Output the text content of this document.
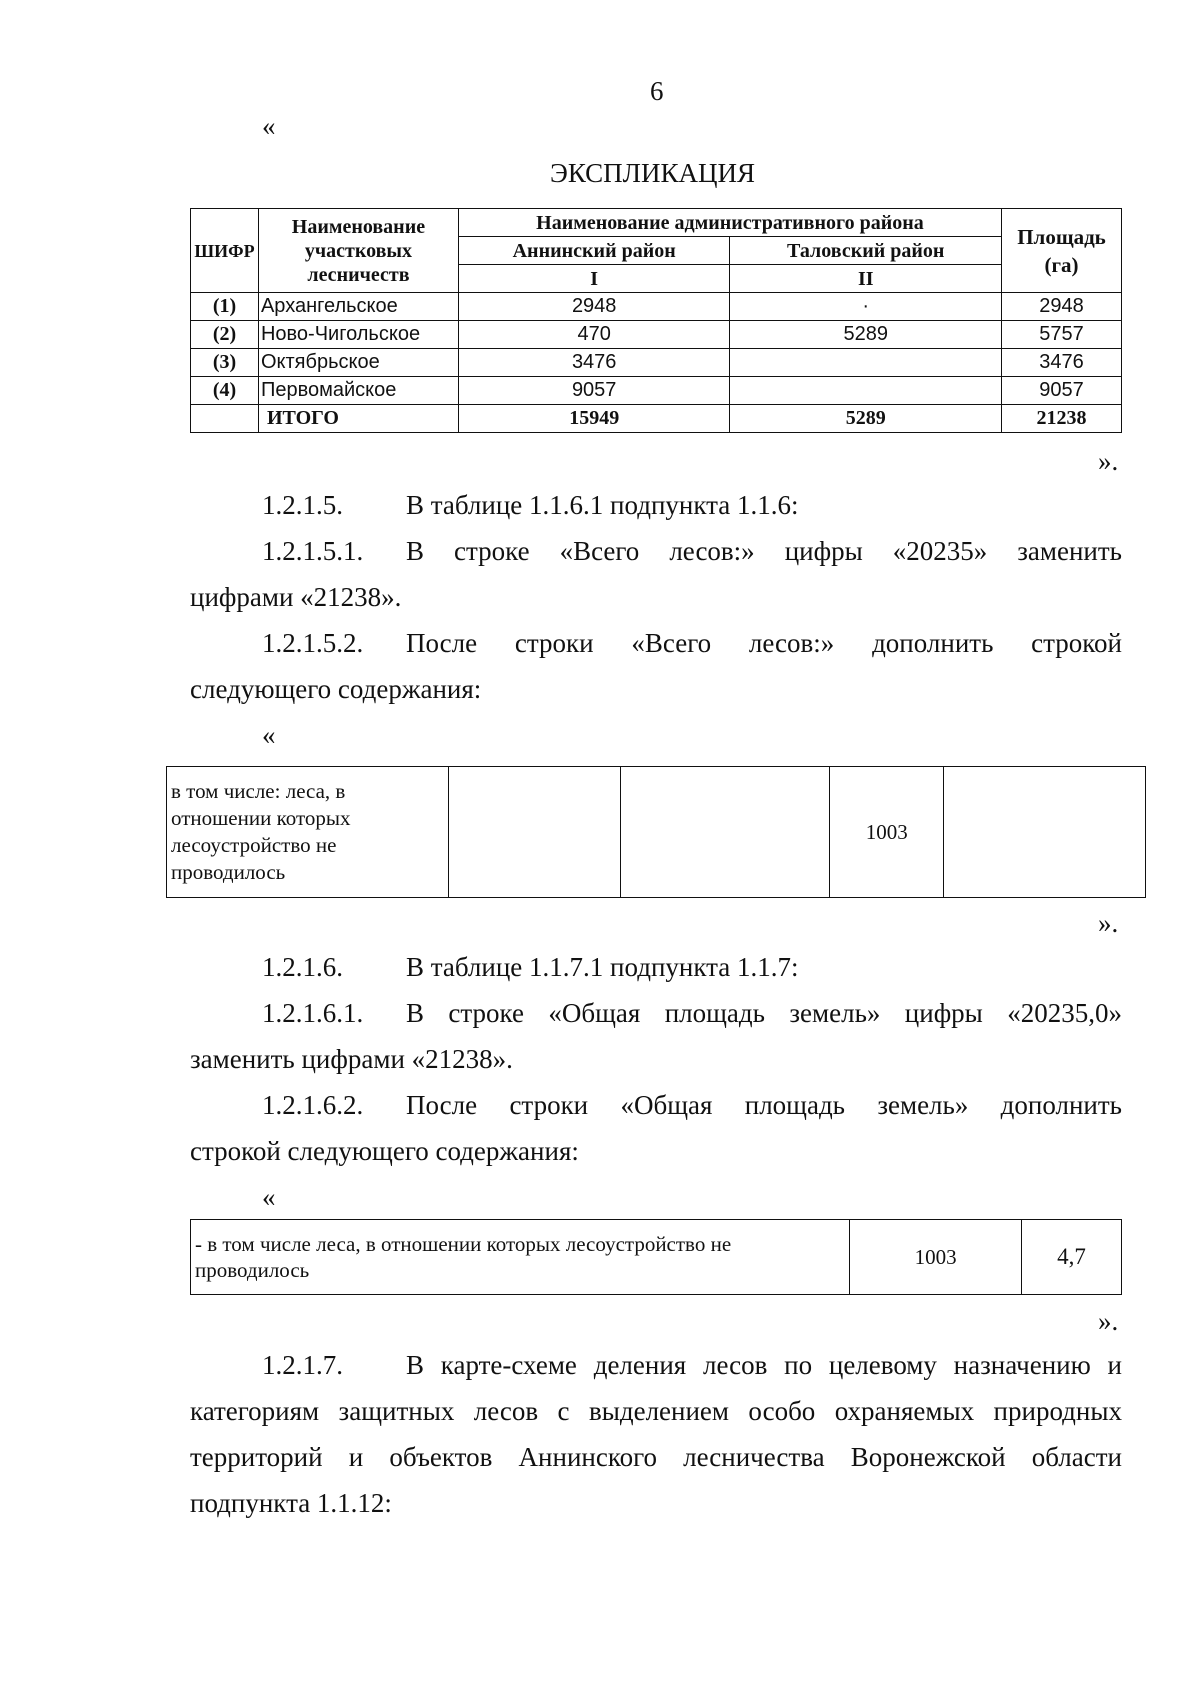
6
«
ЭКСПЛИКАЦИЯ
ШИФР	Наименование участковых лесничеств	Наименование административного района		Площадь (га)
		Аннинский район	Таловский район	
		I	II	
(1)	Архангельское	2948	·	2948
(2)	Ново-Чигольское	470	5289	5757
(3)	Октябрьское	3476		3476
(4)	Первомайское	9057		9057
	ИТОГО	15949	5289	21238
».
1.2.1.5. В таблице 1.1.6.1 подпункта 1.1.6:
1.2.1.5.1. В строке «Всего лесов:» цифры «20235» заменить
цифрами «21238».
1.2.1.5.2. После строки «Всего лесов:» дополнить строкой
следующего содержания:
«
в том числе: леса, в отношении которых лесоустройство не проводилось			1003	
».
1.2.1.6. В таблице 1.1.7.1 подпункта 1.1.7:
1.2.1.6.1. В строке «Общая площадь земель» цифры «20235,0»
заменить цифрами «21238».
1.2.1.6.2. После строки «Общая площадь земель» дополнить
строкой следующего содержания:
«
- в том числе леса, в отношении которых лесоустройство не проводилось	1003	4,7
».
1.2.1.7. В карте-схеме деления лесов по целевому назначению и
категориям защитных лесов с выделением особо охраняемых природных
территорий и объектов Аннинского лесничества Воронежской области
подпункта 1.1.12:
